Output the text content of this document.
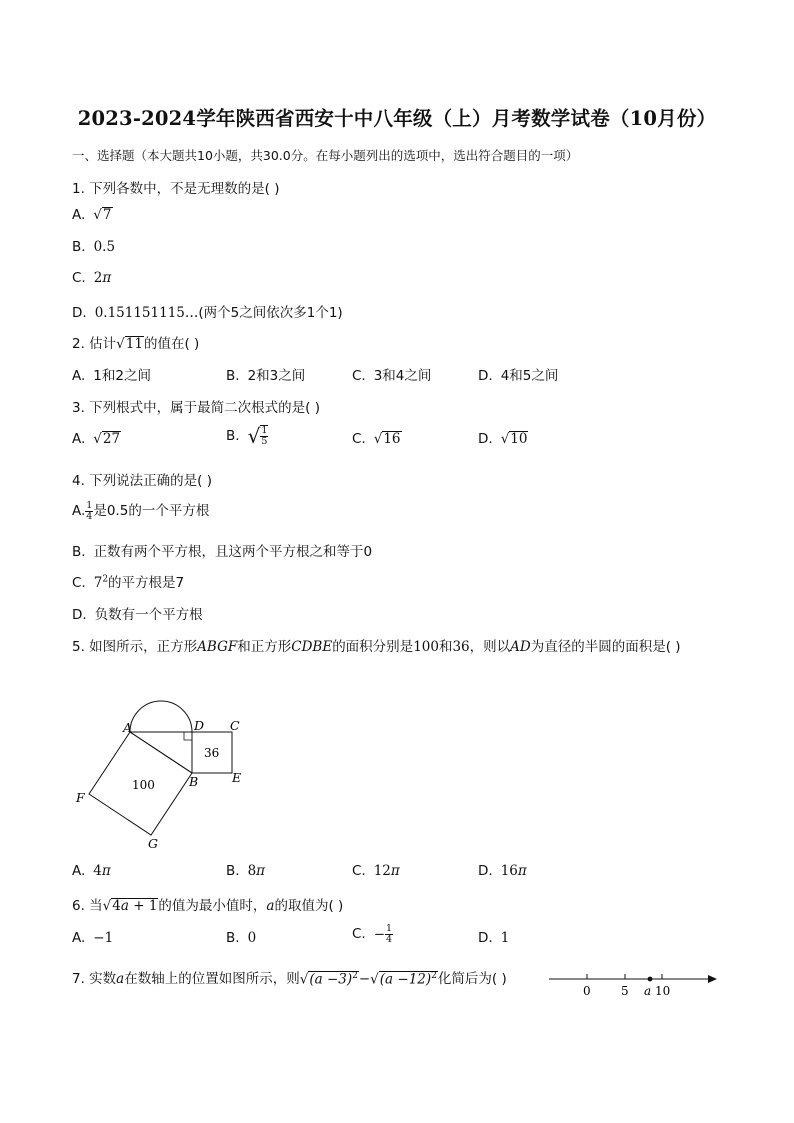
2023-2024学年陕西省西安十中八年级（上）月考数学试卷（10月份）
一、选择题（本大题共10小题，共30.0分。在每小题列出的选项中，选出符合题目的一项）
1. 下列各数中，不是无理数的是( )
A. √7
B. 0.5
C. 2π
D. 0.151151115…(两个5之间依次多1个1)
2. 估计√11的值在( )
A. 1和2之间	B. 2和3之间	C. 3和4之间	D. 4和5之间
3. 下列根式中，属于最简二次根式的是( )
A. √27	B. √ $\frac{1}{5}$	C. √16	D. √10
4. 下列说法正确的是( )
A. $\frac{1}{4}$ 是0.5的一个平方根
B. 正数有两个平方根，且这两个平方根之和等于0
C. $7^2$的平方根是7
D. 负数有一个平方根
5. 如图所示，正方形ABGF和正方形CDBE的面积分别是100和36，则以AD为直径的半圆的面积是( )
A	D C
B	E
F
G
100
36
A. 4π	B. 8π	C. 12π	D. 16π
6. 当√4a + 1的值为最小值时，a的取值为( )
A. −1	B. 0	C. − $\frac{1}{4}$	D. 1
7. 实数a在数轴上的位置如图所示，则$√(a -3)^2-√(a -12)^2$化简后为( )
0	5 a 10
